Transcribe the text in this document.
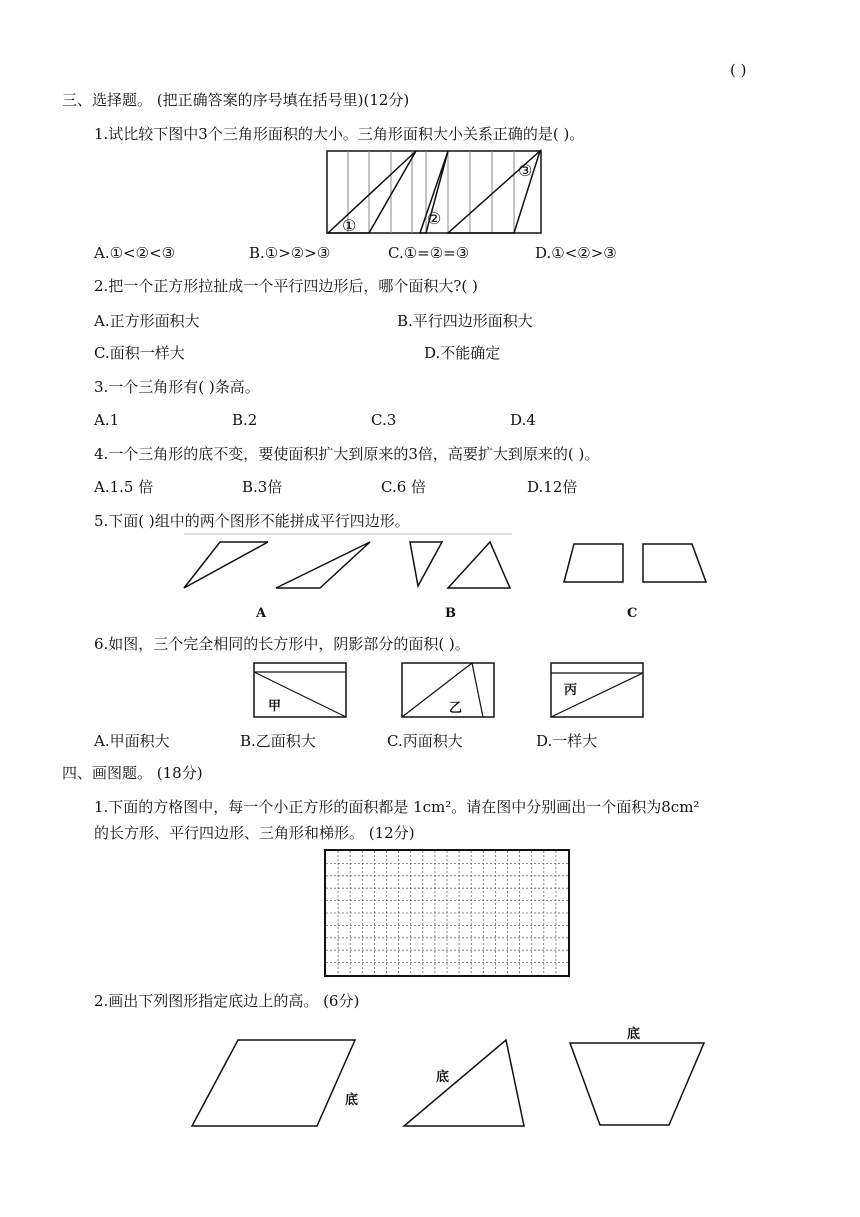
( )
三、选择题。 (把正确答案的序号填在括号里)(12分)
1.试比较下图中3个三角形面积的大小。三角形面积大小关系正确的是( )。
①	②
③
A.①<②<③	B.①>②>③	C.①=②=③	D.①<②>③
2.把一个正方形拉扯成一个平行四边形后，哪个面积大?( )
A.正方形面积大	B.平行四边形面积大
C.面积一样大	D.不能确定
3.一个三角形有( )条高。
A.1	B.2	C.3	D.4
4.一个三角形的底不变，要使面积扩大到原来的3倍，高要扩大到原来的( )。
A.1.5 倍	B.3倍	C.6 倍	D.12倍
5.下面( )组中的两个图形不能拼成平行四边形。
A	B	C
6.如图，三个完全相同的长方形中，阴影部分的面积( )。
甲	乙
丙
A.甲面积大	B.乙面积大	C.丙面积大	D.一样大
四、画图题。 (18分)
1.下面的方格图中，每一个小正方形的面积都是 1cm²。请在图中分别画出一个面积为8cm²
的长方形、平行四边形、三角形和梯形。 (12分)
2.画出下列图形指定底边上的高。 (6分)
底
底
底
